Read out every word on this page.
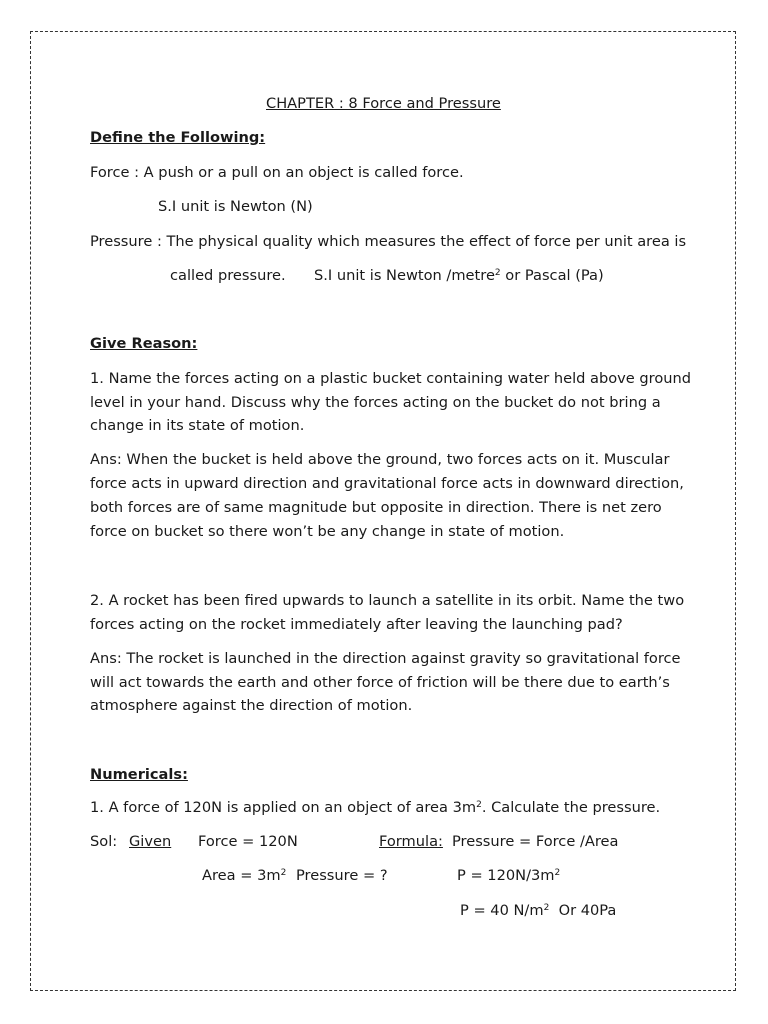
CHAPTER : 8 Force and Pressure
Define the Following:
Force : A push or a pull on an object is called force.
S.I unit is Newton (N)
Pressure : The physical quality which measures the effect of force per unit area is
called pressure. S.I unit is Newton /metre$^2$ or Pascal (Pa)
Give Reason:
1. Name the forces acting on a plastic bucket containing water held above ground
level in your hand. Discuss why the forces acting on the bucket do not bring a
change in its state of motion.
Ans: When the bucket is held above the ground, two forces acts on it. Muscular
force acts in upward direction and gravitational force acts in downward direction,
both forces are of same magnitude but opposite in direction. There is net zero
force on bucket so there won’t be any change in state of motion.
2. A rocket has been fired upwards to launch a satellite in its orbit. Name the two
forces acting on the rocket immediately after leaving the launching pad?
Ans: The rocket is launched in the direction against gravity so gravitational force
will act towards the earth and other force of friction will be there due to earth’s
atmosphere against the direction of motion.
Numericals:
1. A force of 120N is applied on an object of area $3m^2$. Calculate the pressure.
Sol: Given Force = 120N	Formula: Pressure = Force /Area
Area = $3m^2$ Pressure = ?	$P = 120N/3m^2$
P = 40 $N/m^2$ Or 40Pa
